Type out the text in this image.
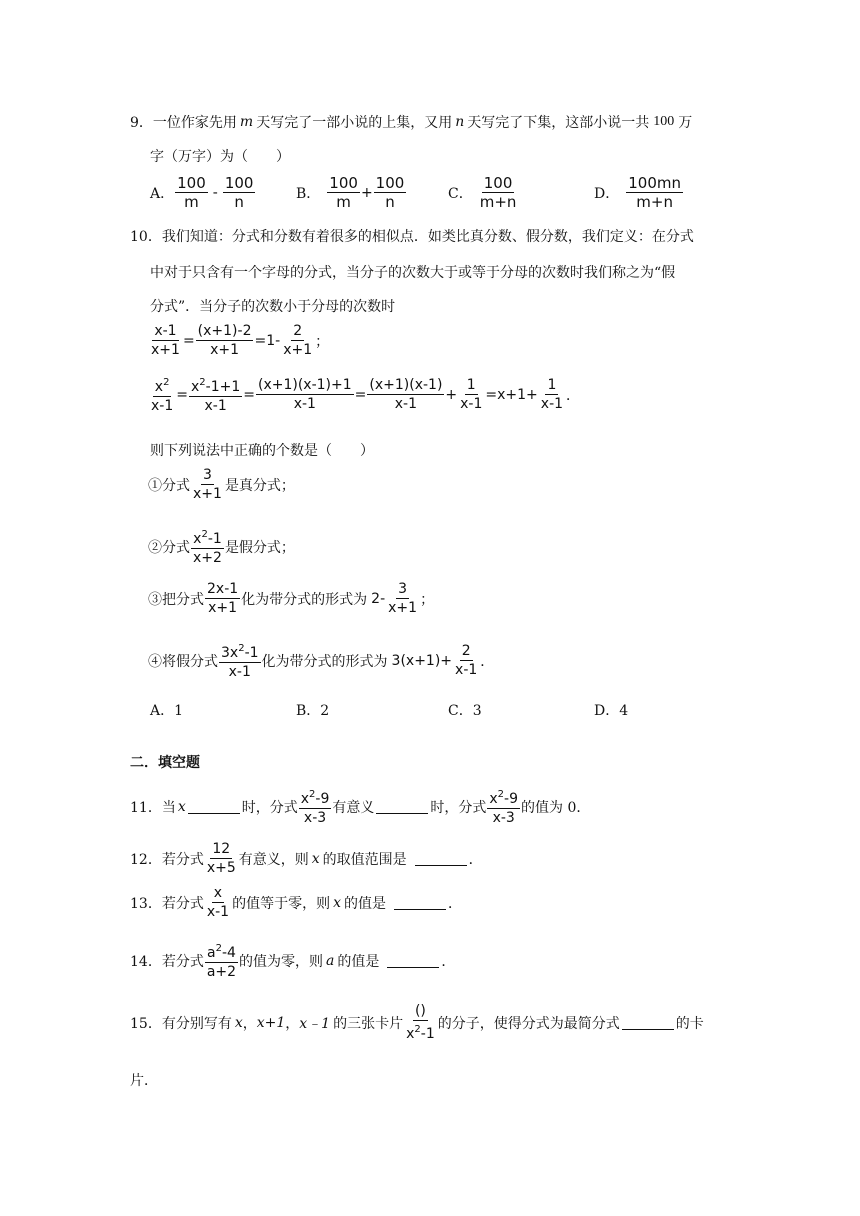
9． 一位作家先用 m 天写完了一部小说的上集，又用 n 天写完了下集，这部小说一共 100 万
字（万字）为（　　）
A． $\frac{100}{m} - \frac{100}{n}$	B． $\frac{100}{m} + \frac{100}{n}$	C． $\frac{100}{m+n}$	D． $\frac{100mn}{m+n}$
10． 我们知道：分式和分数有着很多的相似点．如类比真分数、假分数，我们定义：在分式
中对于只含有一个字母的分式，当分子的次数大于或等于分母的次数时我们称之为“假
分式”．当分子的次数小于分母的次数时
$\frac{x-1}{x+1} = \frac{(x+1)-2}{x+1} =1- \frac{2}{x+1}$ ；
$\frac{x^2}{x-1} = \frac{x^2-1+1}{x-1} = \frac{(x+1)(x-1)+1}{x-1} = \frac{(x+1)(x-1)}{x-1} + \frac{1}{x-1} =x+1+ \frac{1}{x-1}$ ．
则下列说法中正确的个数是（　　）
①分式 $\frac{3}{x+1}$ 是真分式；
②分式 $\frac{x^2-1}{x+2}$ 是假分式；
③把分式 $\frac{2x-1}{x+1}$ 化为带分式的形式为 $2- \frac{3}{x+1}$ ；
④将假分式 $\frac{3x^2-1}{x-1}$ 化为带分式的形式为 $3(x+1)+ \frac{2}{x-1}$ ．
A．1	B．2	C．3	D．4
二．填空题
11． 当 x	时，分式 $\frac{x^2-9}{x-3}$ 有意义	时，分式 $\frac{x^2-9}{x-3}$ 的值为 0．
12． 若分式 $\frac{12}{x+5}$ 有意义，则 x 的取值范围是	．
13． 若分式 $\frac{x}{x-1}$ 的值等于零，则 x 的值是	．
14． 若分式 $\frac{a^2-4}{a+2}$ 的值为零，则 a 的值是	．
15． 有分别写有 x ， x+1 ， x﹣1 的三张卡片 $\frac{()}{x^2-1}$ 的分子，使得分式为最简分式	的卡
片．
